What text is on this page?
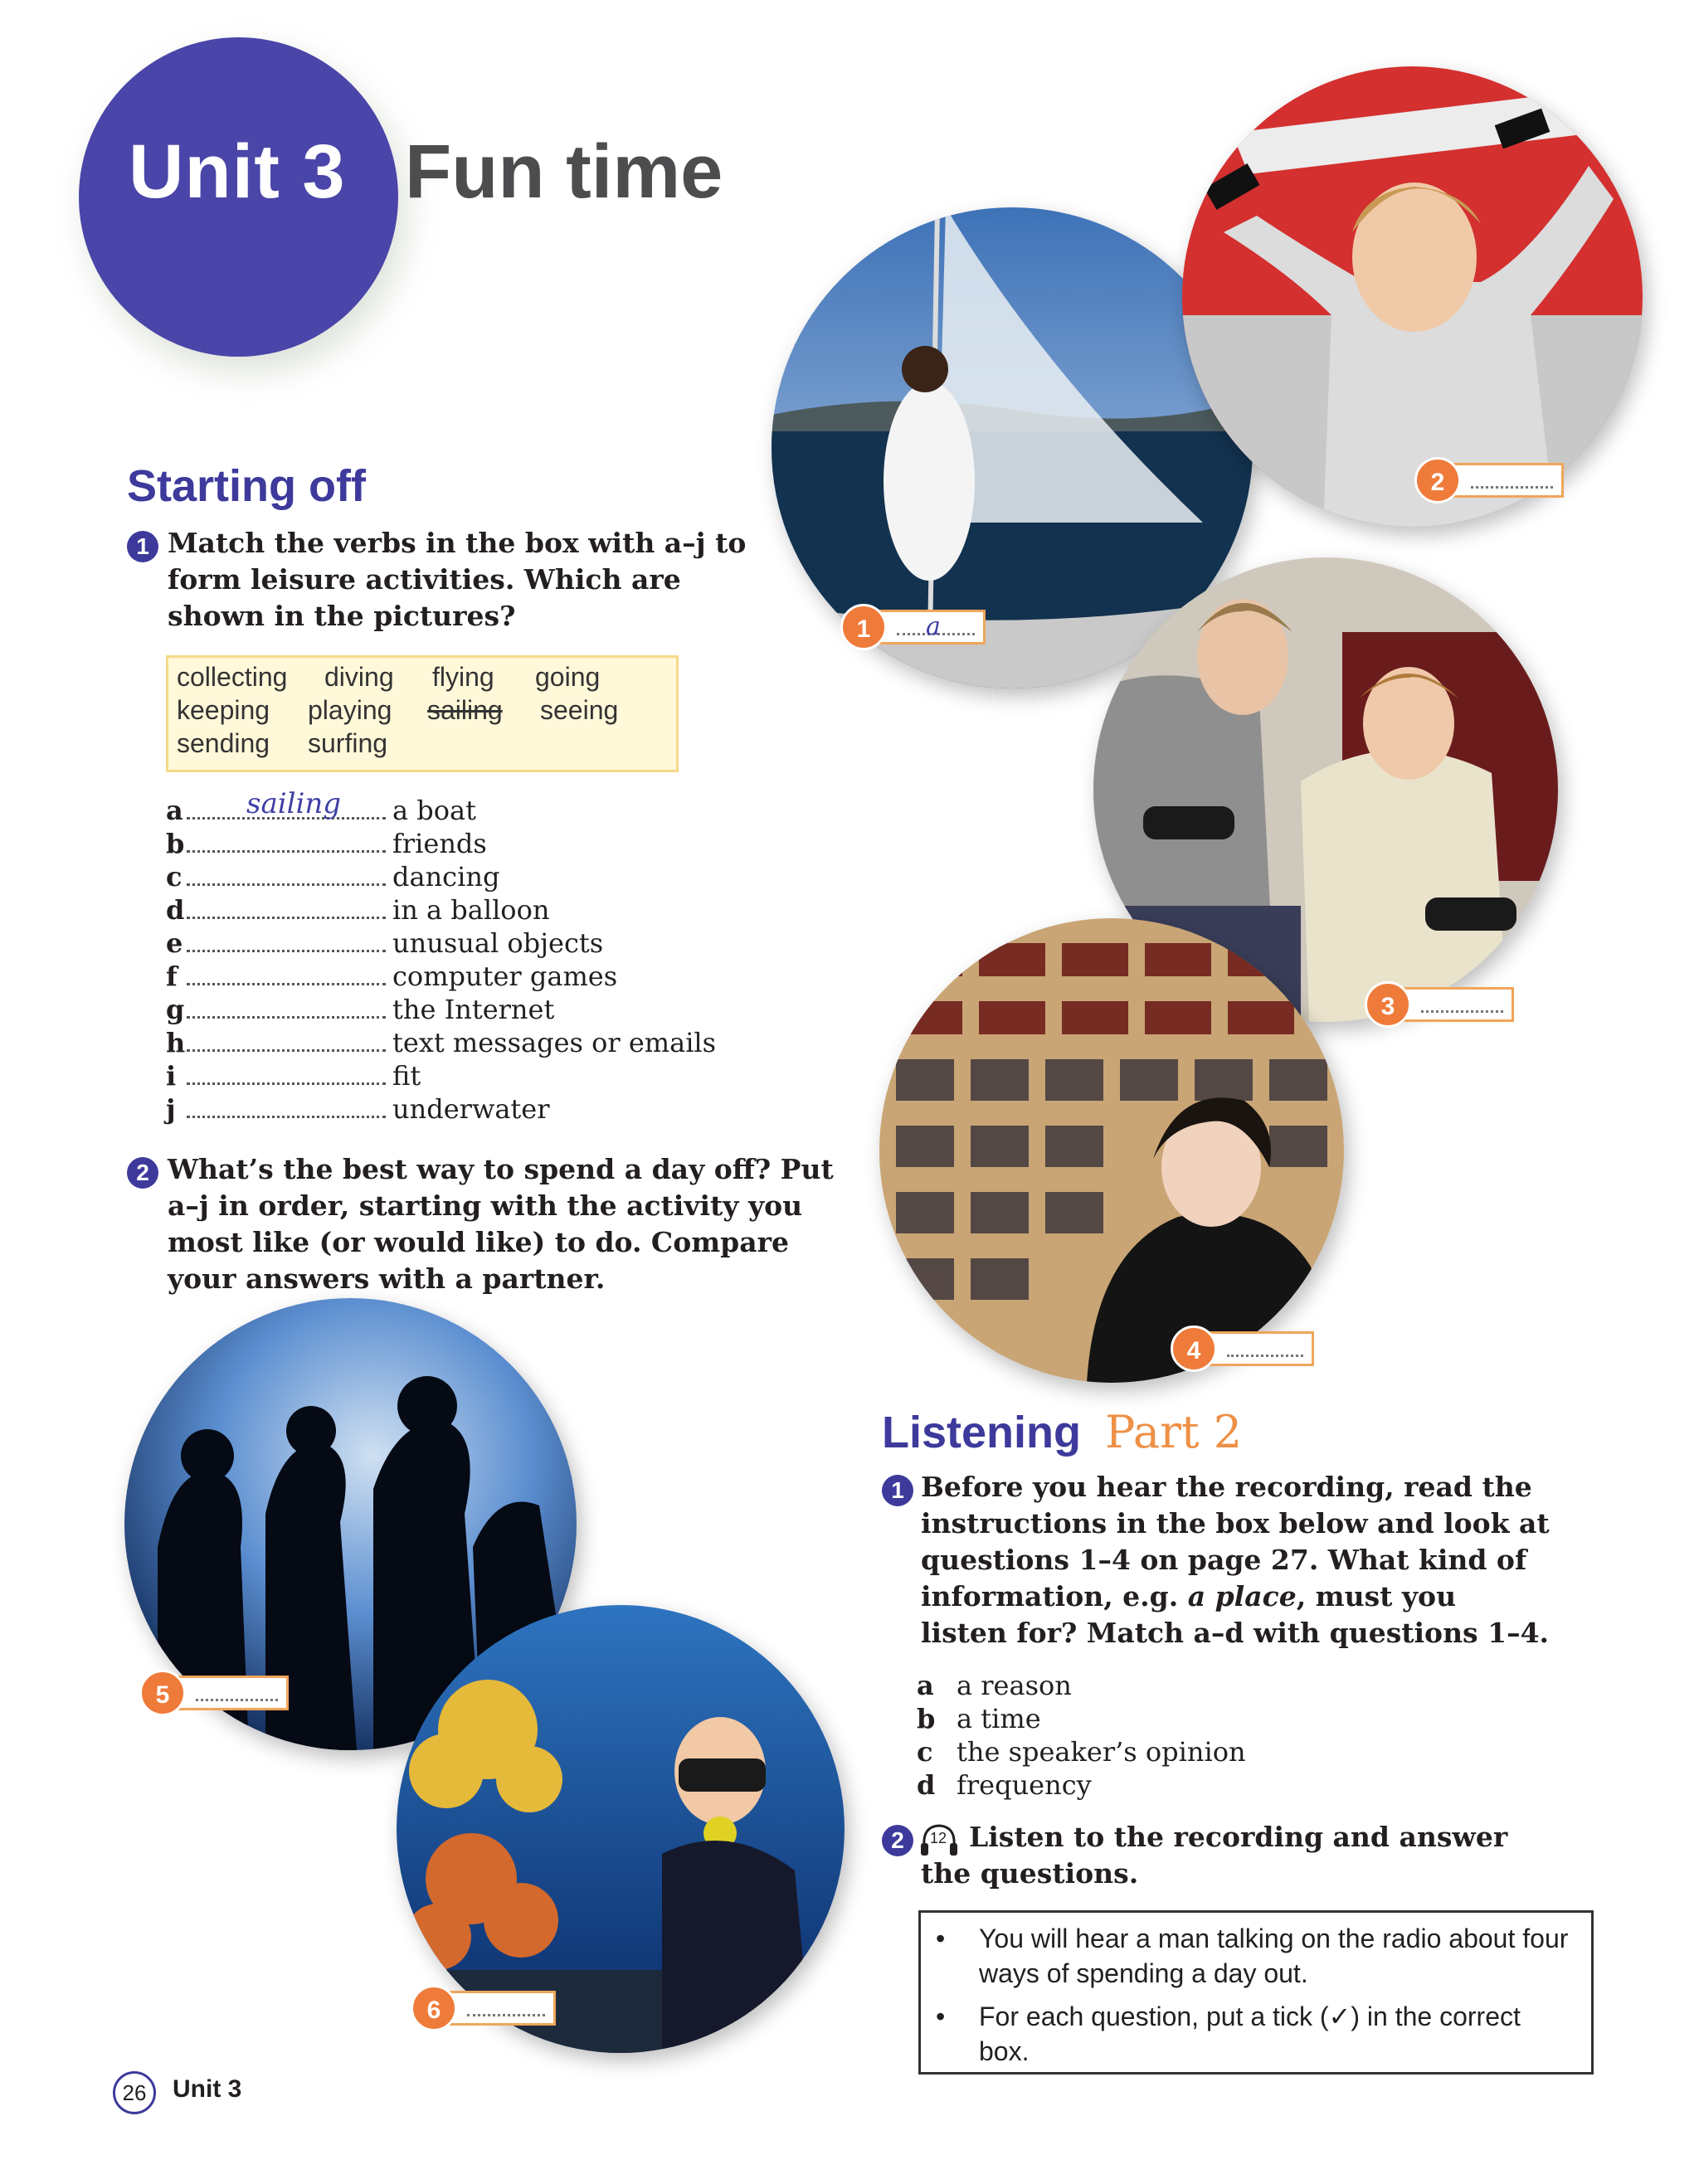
Unit 3 Fun time
Starting off
1 Match the verbs in the box with a–j to form leisure activities. Which are shown in the pictures?
collecting diving flying going
keeping playing sailing seeing
sending surfing
a sailing a boat
b	friends
c	dancing
d	in a balloon
e	unusual objects
f	computer games
g	the Internet
h	text messages or emails
i	fit
j	underwater
2 What’s the best way to spend a day off? Put a–j in order, starting with the activity you most like (or would like) to do. Compare your answers with a partner.
1	a
2
3
4
5
6
Listening Part 2
1 Before you hear the recording, read the instructions in the box below and look at questions 1–4 on page 27. What kind of information, e.g. a place, must you listen for? Match a–d with questions 1–4.
a a reason
b a time
c the speaker’s opinion
d frequency
2	12 Listen to the recording and answer the questions.
• You will hear a man talking on the radio about four ways of spending a day out.
• For each question, put a tick (✓) in the correct box.
26	Unit 3
